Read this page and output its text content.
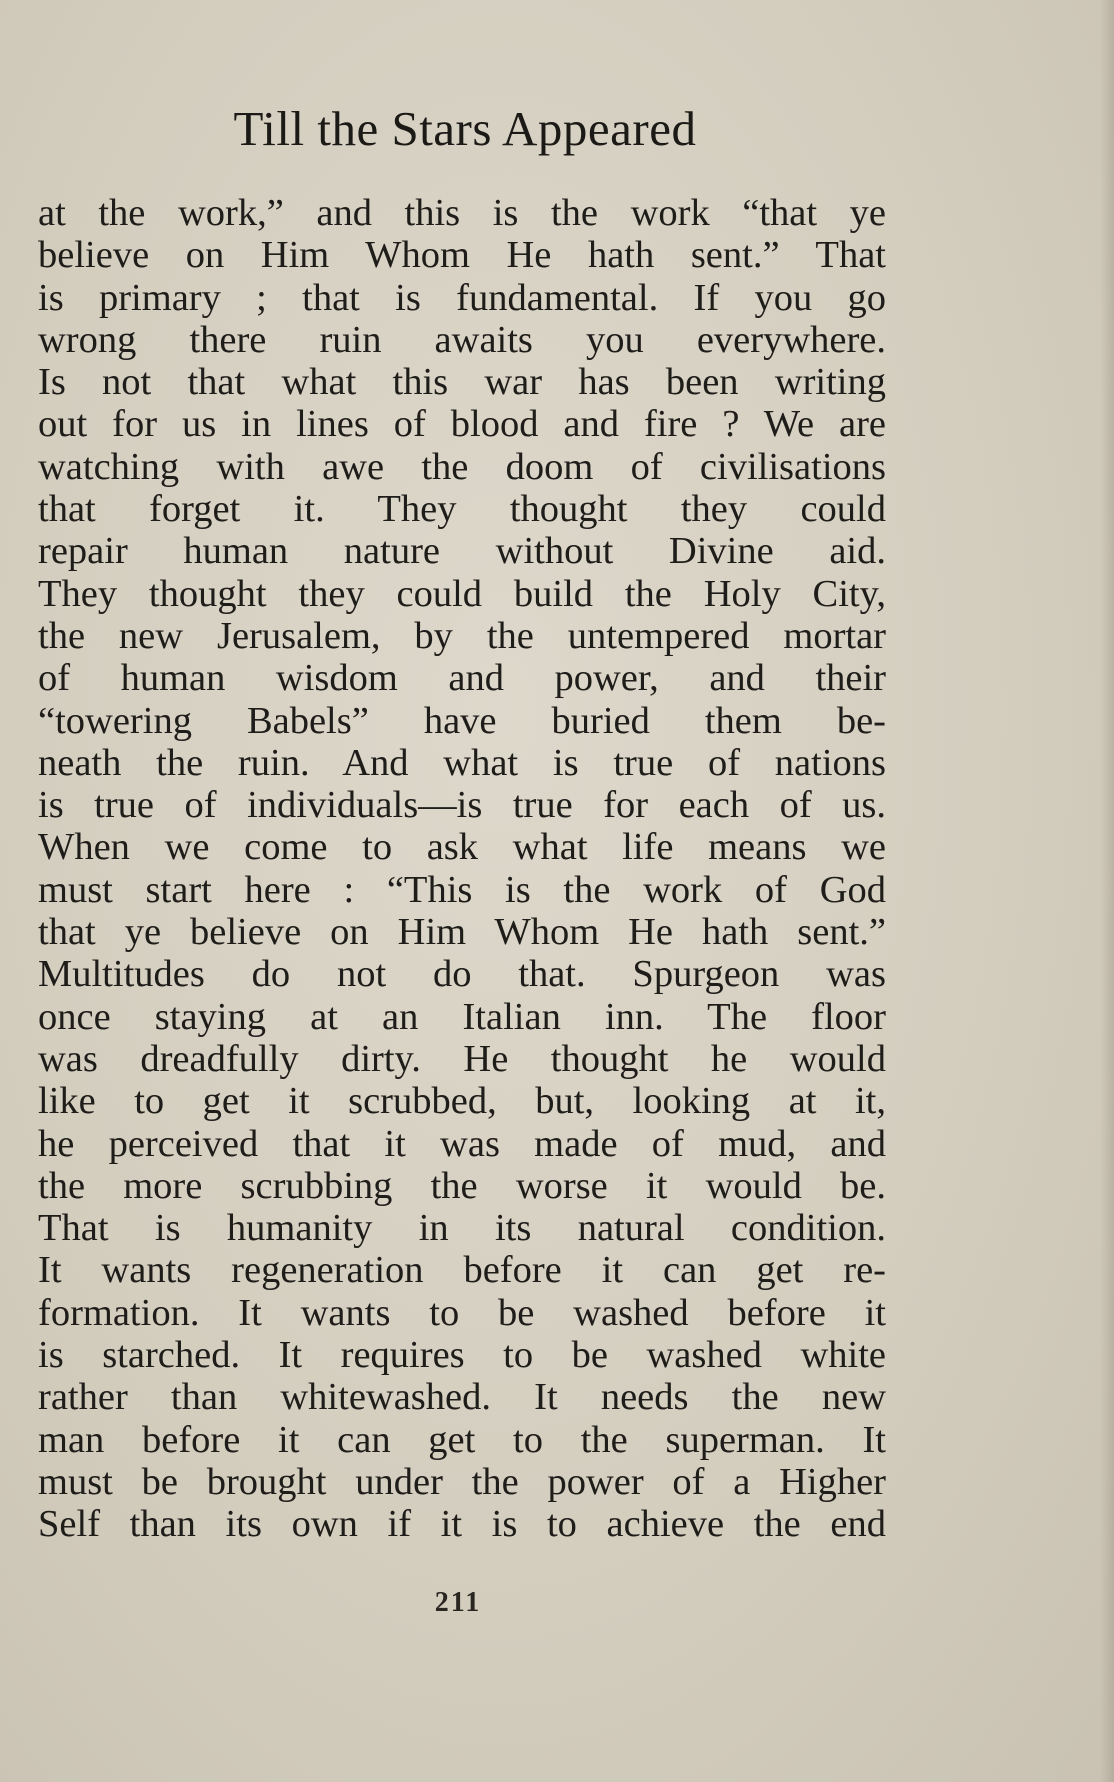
Till the Stars Appeared
at the work,” and this is the work “that ye
believe on Him Whom He hath sent.” That
is primary ; that is fundamental. If you go
wrong there ruin awaits you everywhere.
Is not that what this war has been writing
out for us in lines of blood and fire ? We are
watching with awe the doom of civilisations
that forget it. They thought they could
repair human nature without Divine aid.
They thought they could build the Holy City,
the new Jerusalem, by the untempered mortar
of human wisdom and power, and their
“towering Babels” have buried them be-
neath the ruin. And what is true of nations
is true of individuals—is true for each of us.
When we come to ask what life means we
must start here : “This is the work of God
that ye believe on Him Whom He hath sent.”
Multitudes do not do that. Spurgeon was
once staying at an Italian inn. The floor
was dreadfully dirty. He thought he would
like to get it scrubbed, but, looking at it,
he perceived that it was made of mud, and
the more scrubbing the worse it would be.
That is humanity in its natural condition.
It wants regeneration before it can get re-
formation. It wants to be washed before it
is starched. It requires to be washed white
rather than whitewashed. It needs the new
man before it can get to the superman. It
must be brought under the power of a Higher
Self than its own if it is to achieve the end
211
